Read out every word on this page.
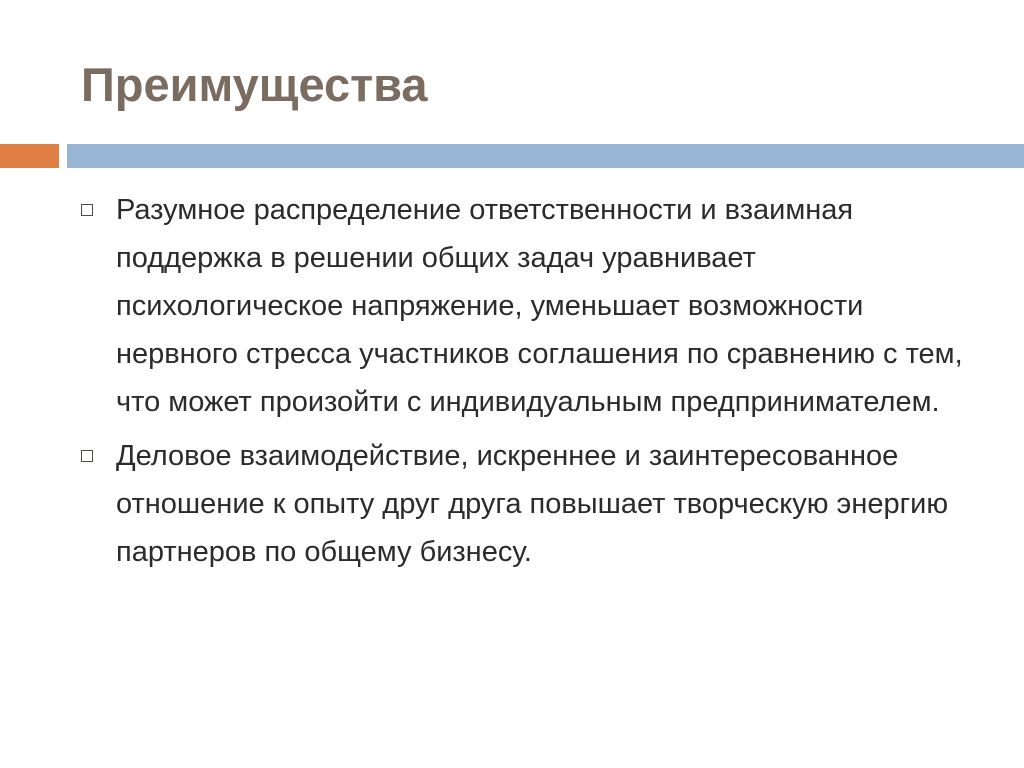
Преимущества
Разумное распределение ответственности и взаимная поддержка в решении общих задач уравнивает психологическое напряжение, уменьшает возможности нервного стресса участников соглашения по сравнению с тем, что может произойти с индивидуальным предпринимателем.
Деловое взаимодействие, искреннее и заинтересованное отношение к опыту друг друга повышает творческую энергию партнеров по общему бизнесу.
